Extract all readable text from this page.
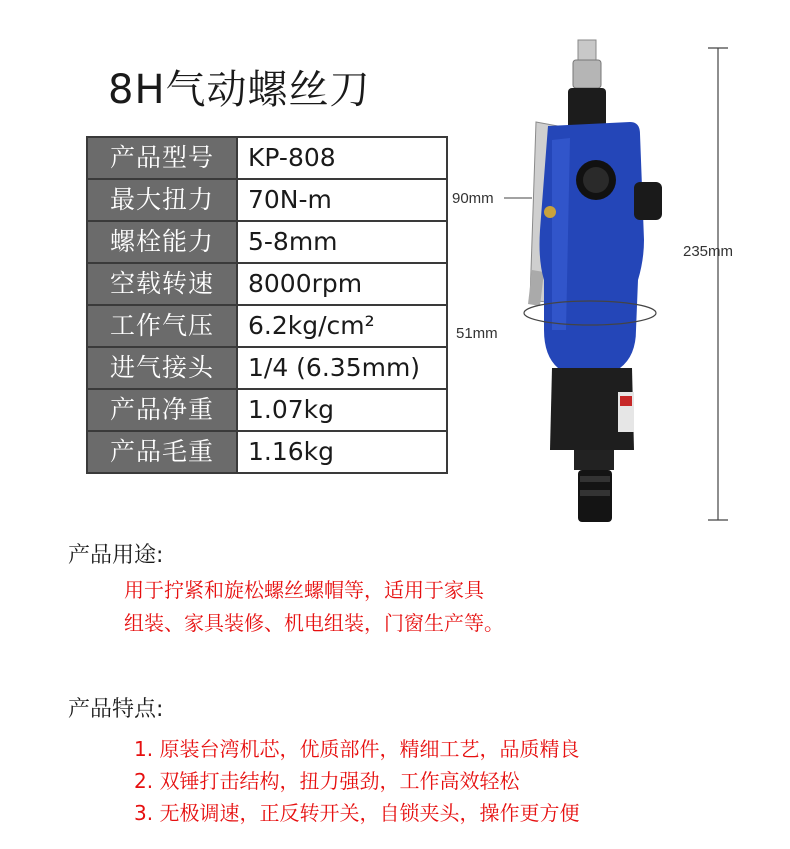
8H气动螺丝刀
产品型号	KP-808
最大扭力	70N-m
螺栓能力	5-8mm
空载转速	8000rpm
工作气压	6.2kg/cm²
进气接头	1/4 (6.35mm)
产品净重	1.07kg
产品毛重	1.16kg
90mm
235mm
51mm
产品用途:
用于拧紧和旋松螺丝螺帽等，适用于家具
组装、家具装修、机电组装，门窗生产等。
产品特点:
1. 原装台湾机芯，优质部件，精细工艺，品质精良
2. 双锤打击结构，扭力强劲，工作高效轻松
3. 无极调速，正反转开关，自锁夹头，操作更方便
